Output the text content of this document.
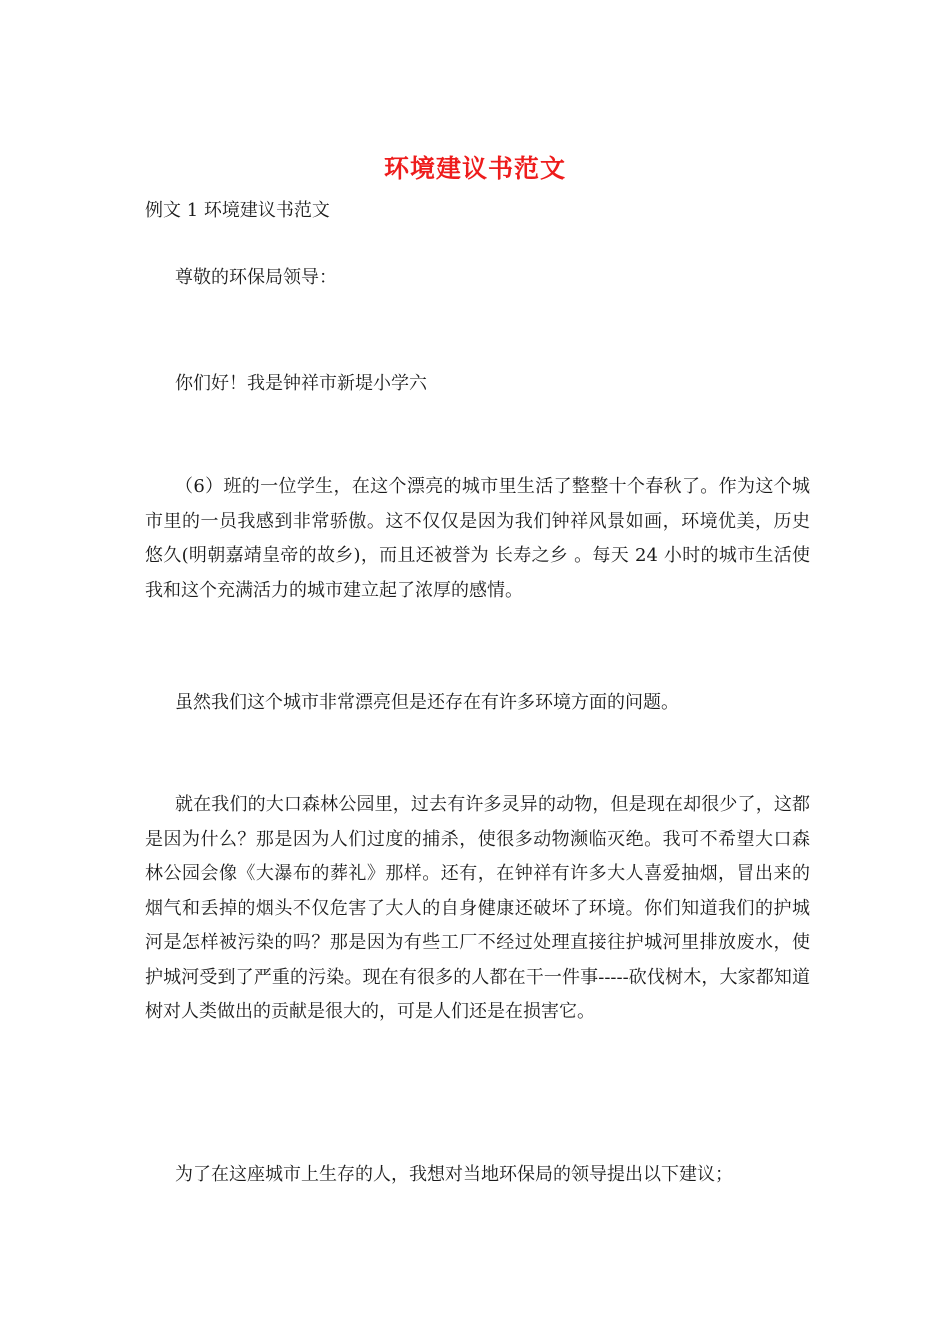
环境建议书范文
例文 1 环境建议书范文
尊敬的环保局领导：
你们好！我是钟祥市新堤小学六
（6）班的一位学生，在这个漂亮的城市里生活了整整十个春秋了。作为这个城市里的一员我感到非常骄傲。这不仅仅是因为我们钟祥风景如画，环境优美，历史悠久(明朝嘉靖皇帝的故乡)，而且还被誉为 长寿之乡 。每天 24 小时的城市生活使我和这个充满活力的城市建立起了浓厚的感情。
虽然我们这个城市非常漂亮但是还存在有许多环境方面的问题。
就在我们的大口森林公园里，过去有许多灵异的动物，但是现在却很少了，这都是因为什么？那是因为人们过度的捕杀，使很多动物濒临灭绝。我可不希望大口森林公园会像《大瀑布的葬礼》那样。还有，在钟祥有许多大人喜爱抽烟，冒出来的烟气和丢掉的烟头不仅危害了大人的自身健康还破坏了环境。你们知道我们的护城河是怎样被污染的吗？那是因为有些工厂不经过处理直接往护城河里排放废水，使护城河受到了严重的污染。现在有很多的人都在干一件事-----砍伐树木，大家都知道树对人类做出的贡献是很大的，可是人们还是在损害它。
为了在这座城市上生存的人，我想对当地环保局的领导提出以下建议；
